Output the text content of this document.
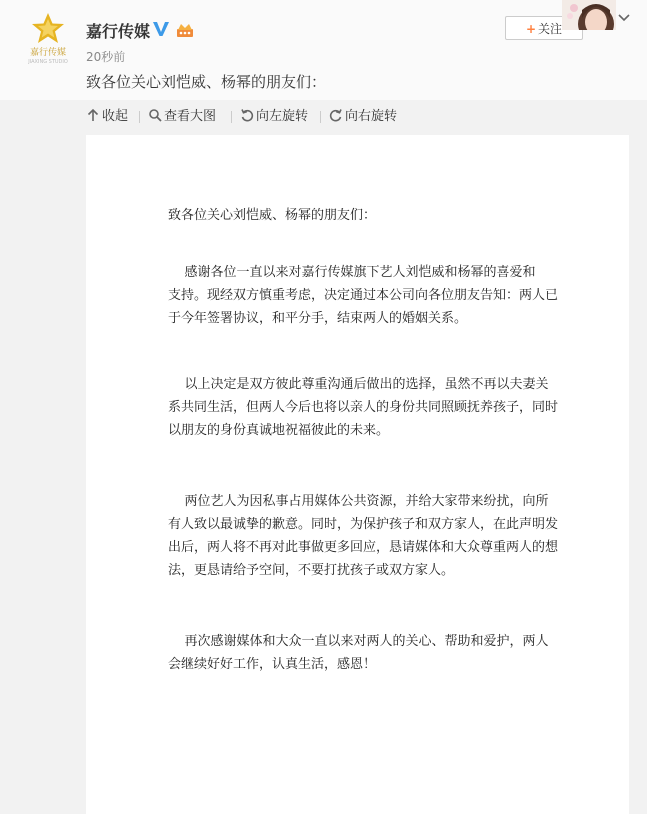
嘉行传媒
JIAXING STUDIO
嘉行传媒
20秒前
致各位关心刘恺威、杨幂的朋友们：
+ 关注
收起	查看大图	向左旋转	向右旋转

致各位关心刘恺威、杨幂的朋友们：

感谢各位一直以来对嘉行传媒旗下艺人刘恺威和杨幂的喜爱和
支持。现经双方慎重考虑，决定通过本公司向各位朋友告知：两人已
于今年签署协议，和平分手，结束两人的婚姻关系。

以上决定是双方彼此尊重沟通后做出的选择，虽然不再以夫妻关
系共同生活，但两人今后也将以亲人的身份共同照顾抚养孩子，同时
以朋友的身份真诚地祝福彼此的未来。

两位艺人为因私事占用媒体公共资源，并给大家带来纷扰，向所
有人致以最诚挚的歉意。同时，为保护孩子和双方家人，在此声明发
出后，两人将不再对此事做更多回应，恳请媒体和大众尊重两人的想
法，更恳请给予空间，不要打扰孩子或双方家人。

再次感谢媒体和大众一直以来对两人的关心、帮助和爱护，两人
会继续好好工作，认真生活，感恩！
